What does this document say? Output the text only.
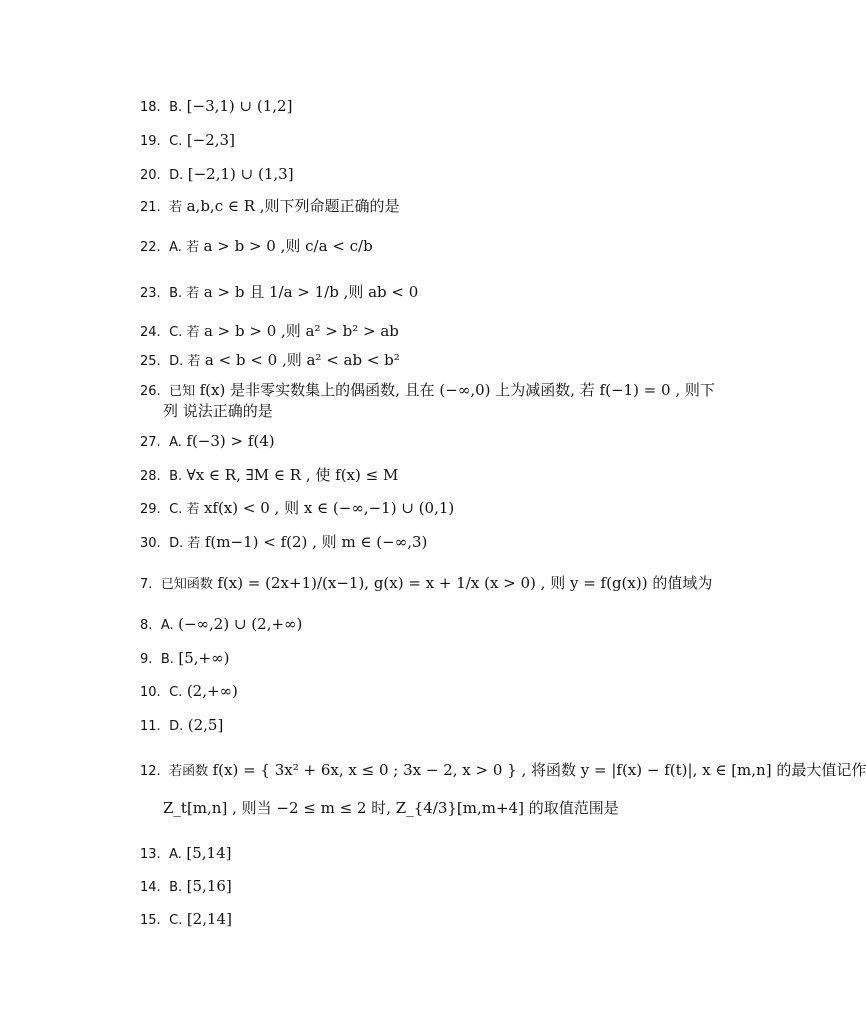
18. B. [−3,1) ∪ (1,2]
19. C. [−2,3]
20. D. [−2,1) ∪ (1,3]
21. 若 a,b,c ∈ R ,则下列命题正确的是
22. A. 若 a > b > 0 ,则 c/a < c/b
23. B. 若 a > b 且 1/a > 1/b ,则 ab < 0
24. C. 若 a > b > 0 ,则 a² > b² > ab
25. D. 若 a < b < 0 ,则 a² < ab < b²
26. 已知 f(x) 是非零实数集上的偶函数, 且在 (−∞,0) 上为减函数, 若 f(−1) = 0 , 则下
列 说法正确的是
27. A. f(−3) > f(4)
28. B. ∀x ∈ R, ∃M ∈ R , 使 f(x) ≤ M
29. C. 若 xf(x) < 0 , 则 x ∈ (−∞,−1) ∪ (0,1)
30. D. 若 f(m−1) < f(2) , 则 m ∈ (−∞,3)
7. 已知函数 f(x) = (2x+1)/(x−1), g(x) = x + 1/x (x > 0) , 则 y = f(g(x)) 的值域为
8. A. (−∞,2) ∪ (2,+∞)
9. B. [5,+∞)
10. C. (2,+∞)
11. D. (2,5]
12. 若函数 f(x) = { 3x² + 6x, x ≤ 0 ; 3x − 2, x > 0 } , 将函数 y = |f(x) − f(t)|, x ∈ [m,n] 的最大值记作
Z_t[m,n] , 则当 −2 ≤ m ≤ 2 时, Z_{4/3}[m,m+4] 的取值范围是
13. A. [5,14]
14. B. [5,16]
15. C. [2,14]
